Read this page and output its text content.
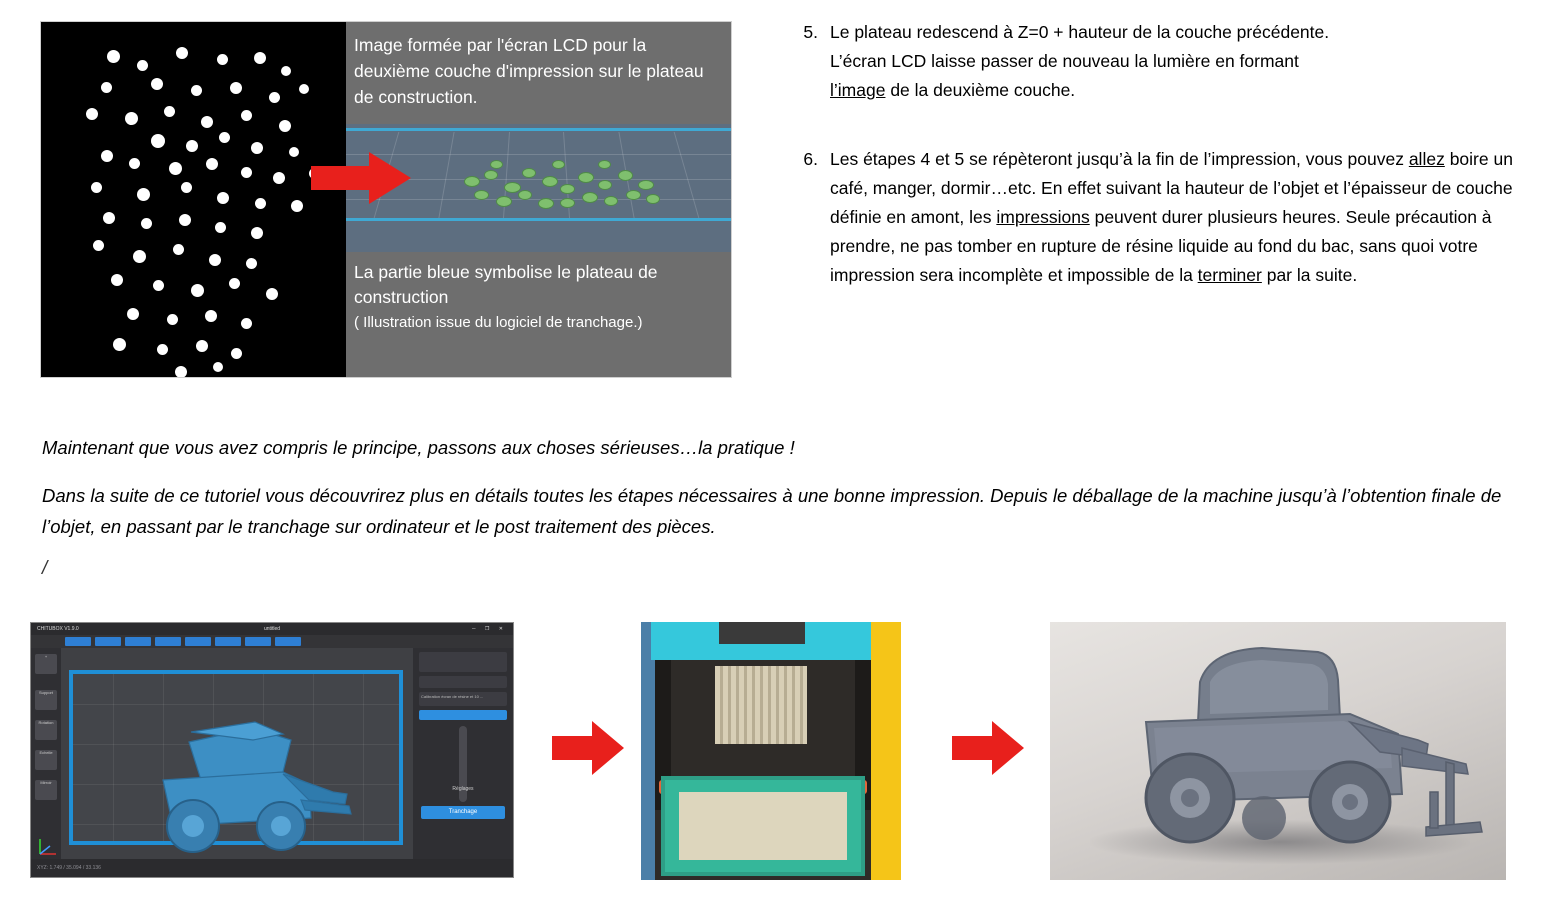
Image formée par l'écran LCD pour la deuxième couche d'impression sur le plateau de construction.
La partie bleue symbolise le plateau de construction
( Illustration issue du logiciel de tranchage.)
5. Le plateau redescend à Z=0 + hauteur de la couche précédente.
L’écran LCD laisse passer de nouveau la lumière en formant
l’image de la deuxième couche.
6. Les étapes 4 et 5 se répèteront jusqu’à la fin de l’impression, vous pouvez allez boire un café, manger, dormir…etc. En effet suivant la hauteur de l’objet et l’épaisseur de couche définie en amont, les impressions peuvent durer plusieurs heures. Seule précaution à prendre, ne pas tomber en rupture de résine liquide au fond du bac, sans quoi votre impression sera incomplète et impossible de la terminer par la suite.

Maintenant que vous avez compris le principe, passons aux choses sérieuses…la pratique !

Dans la suite de ce tutoriel vous découvrirez plus en détails toutes les étapes nécessaires à une bonne impression. Depuis le déballage de la machine jusqu’à l’obtention finale de l’objet, en passant par le tranchage sur ordinateur et le post traitement des pièces.

/
CHITUBOX V1.9.0	untitled	─ ❐ ✕
+
Support
Rotation
Echelle
Mirroir
Calibration écran de résine et 10 ...
Réglages
Tranchage
XYZ: 1.749 / 35.094 / 33.136
